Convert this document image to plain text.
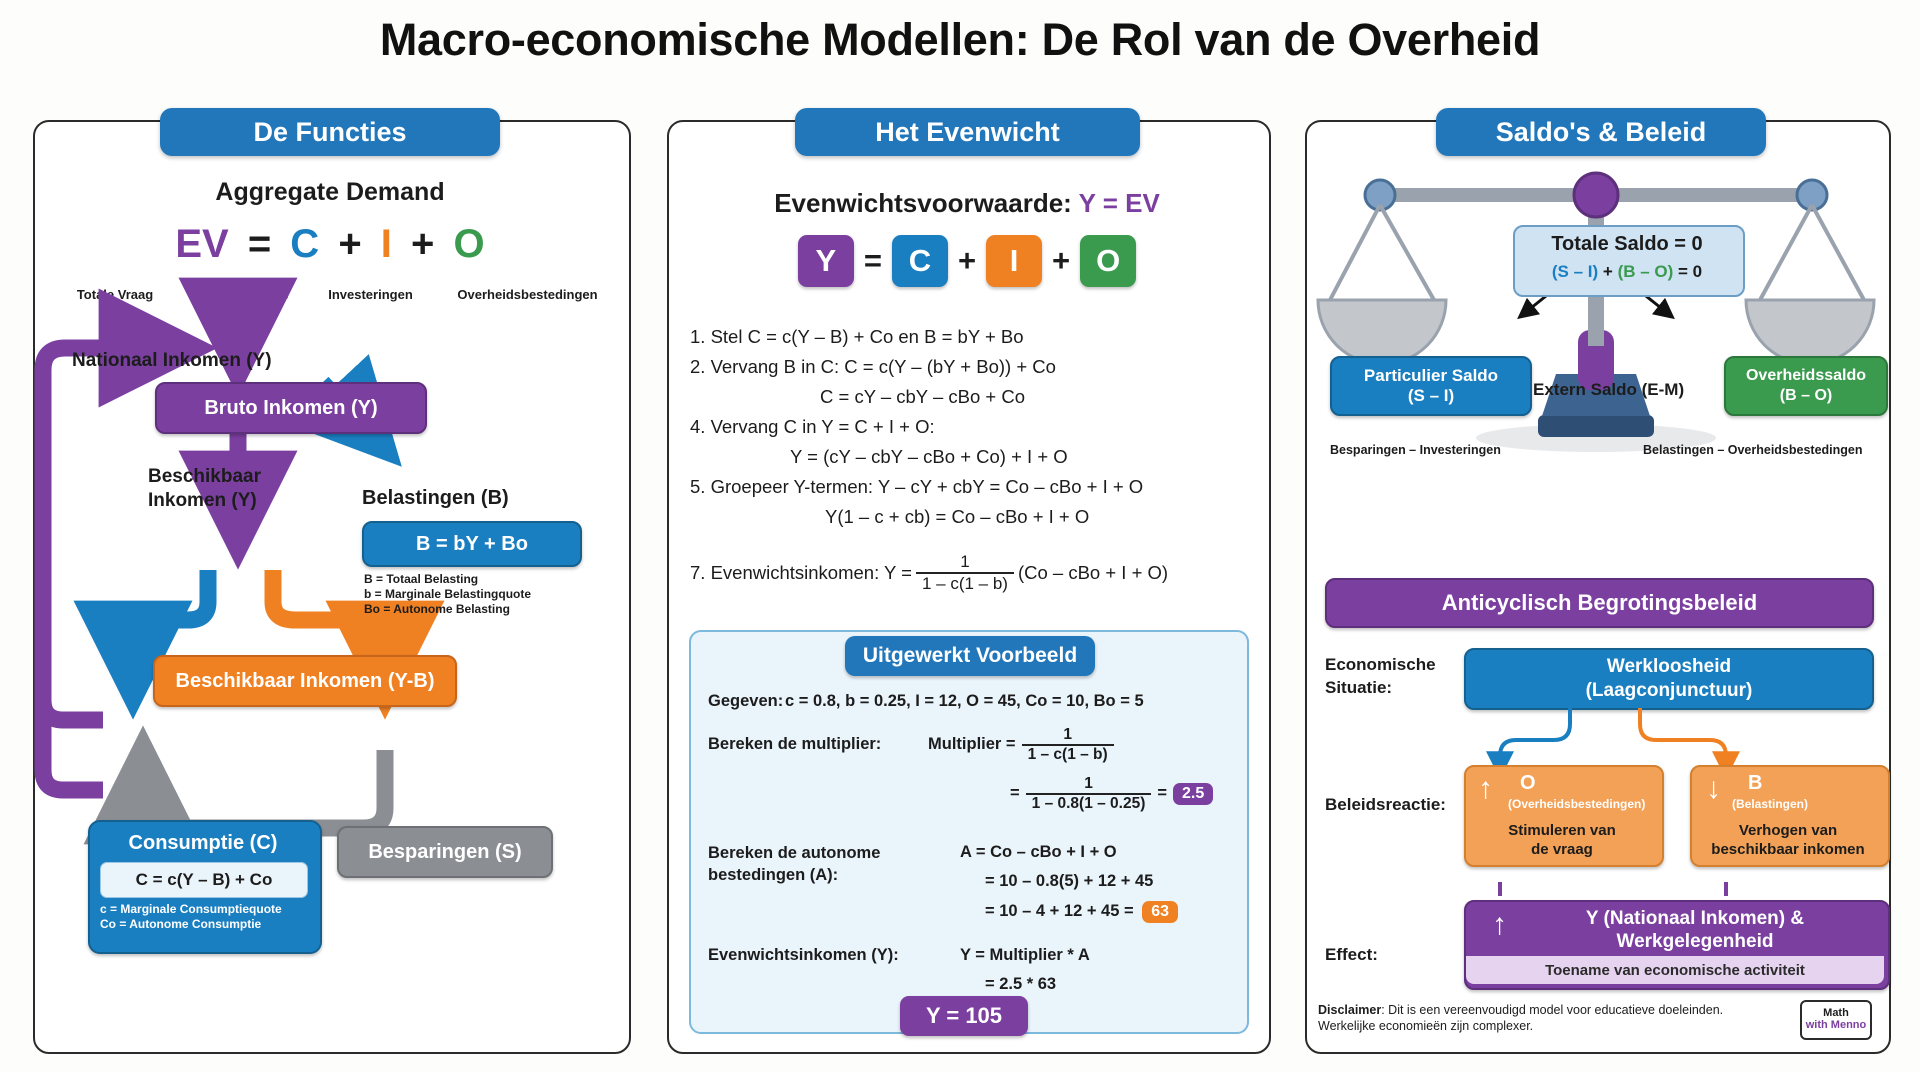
Macro-economische Modellen: De Rol van de Overheid
De Functies
Aggregate Demand
EV = C + I + O
Totale Vraag	Consumptie	Investeringen	Overheidsbestedingen
Nationaal Inkomen (Y)
Bruto Inkomen (Y)
Beschikbaar
Inkomen (Y)	Belastingen (B)
B = bY + Bo
B = Totaal Belasting
b = Marginale Belastingquote
Bo = Autonome Belasting
Beschikbaar Inkomen (Y-B)
Consumptie (C)
C = c(Y – B) + Co
c = Marginale Consumptiequote
Co = Autonome Consumptie
Besparingen (S)
Het Evenwicht
Evenwichtsvoorwaarde: Y = EV
Y = C +	I	+ O
1. Stel C = c(Y – B) + Co en B = bY + Bo
2. Vervang B in C: C = c(Y – (bY + Bo)) + Co
C = cY – cbY – cBo + Co
4. Vervang C in Y = C + I + O:
Y = (cY – cbY – cBo + Co) + I + O
5. Groepeer Y-termen: Y – cY + cbY = Co – cBo + I + O
Y(1 – c + cb) = Co – cBo + I + O
7.
Evenwichtsinkomen: $Y = \frac{1}{1 - c(1 - b)} (Co$ – cBo + I + O)
Uitgewerkt Voorbeeld
Gegeven: c = 0.8, b = 0.25, I = 12, O = 45, Co = 10, Bo = 5
Bereken de multiplier:	Multiplier = $\frac{1}{1 - c(1 - b)}$
= $\frac{1}{1 - 0.8(1 - 0.25)} = 2.5$
Bereken de autonome
bestedingen (A):
A = Co – cBo + I + O
= 10 – 0.8(5) + 12 + 45
= 10 – 4 + 12 + 45 = 63
Evenwichtsinkomen (Y):	Y = Multiplier * A
= 2.5 * 63
Y = 105
Saldo's & Beleid
Totale Saldo = 0
(S – I) + (B – O) = 0
Particulier Saldo
(S – I)
Overheidssaldo
(B – O)
Extern Saldo (E-M)
Besparingen – Investeringen	Belastingen – Overheidsbestedingen
Anticyclisch Begrotingsbeleid
Economische
Situatie:
Werkloosheid
(Laagconjunctuur)
Beleidsreactie: ↑ O
(Overheidsbestedingen)
Stimuleren van
de vraag
↓ B
(Belastingen)
Verhogen van
beschikbaar inkomen
Effect:
↑	Y (Nationaal Inkomen) &
Werkgelegenheid
Toename van economische activiteit
Disclaimer: Dit is een vereenvoudigd model voor educatieve doeleinden.
Werkelijke economieën zijn complexer.
Math
with Menno
